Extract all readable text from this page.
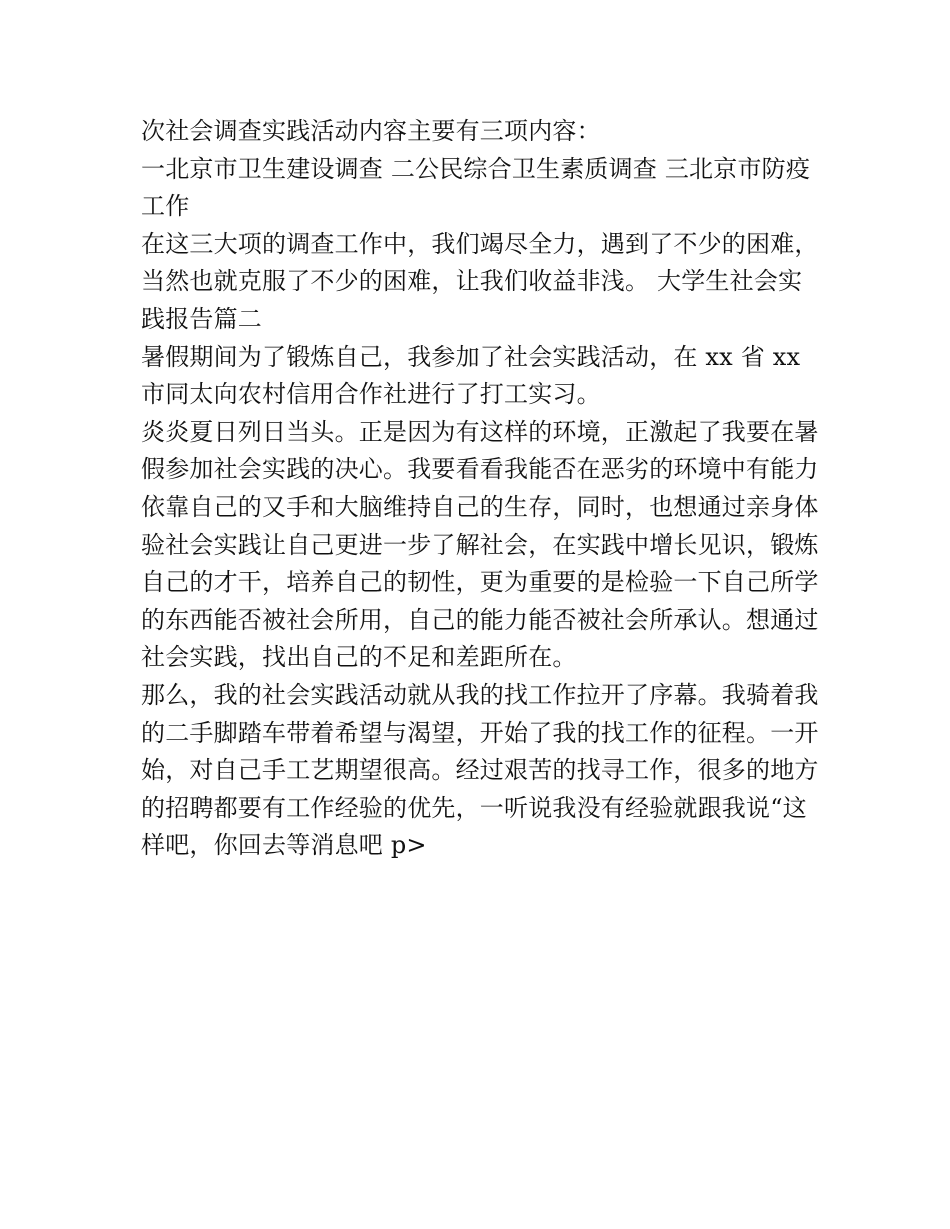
次社会调查实践活动内容主要有三项内容：

一北京市卫生建设调查 二公民综合卫生素质调查 三北京市防疫工作

在这三大项的调查工作中，我们竭尽全力，遇到了不少的困难，当然也就克服了不少的困难，让我们收益非浅。 大学生社会实践报告篇二

暑假期间为了锻炼自己，我参加了社会实践活动，在 xx 省 xx 市同太向农村信用合作社进行了打工实习。

炎炎夏日列日当头。正是因为有这样的环境，正激起了我要在暑假参加社会实践的决心。我要看看我能否在恶劣的环境中有能力依靠自己的又手和大脑维持自己的生存，同时，也想通过亲身体验社会实践让自己更进一步了解社会，在实践中增长见识，锻炼自己的才干，培养自己的韧性，更为重要的是检验一下自己所学的东西能否被社会所用，自己的能力能否被社会所承认。想通过社会实践，找出自己的不足和差距所在。

那么，我的社会实践活动就从我的找工作拉开了序幕。我骑着我的二手脚踏车带着希望与渴望，开始了我的找工作的征程。一开始，对自己手工艺期望很高。经过艰苦的找寻工作，很多的地方的招聘都要有工作经验的优先，一听说我没有经验就跟我说“这样吧，你回去等消息吧 p>
